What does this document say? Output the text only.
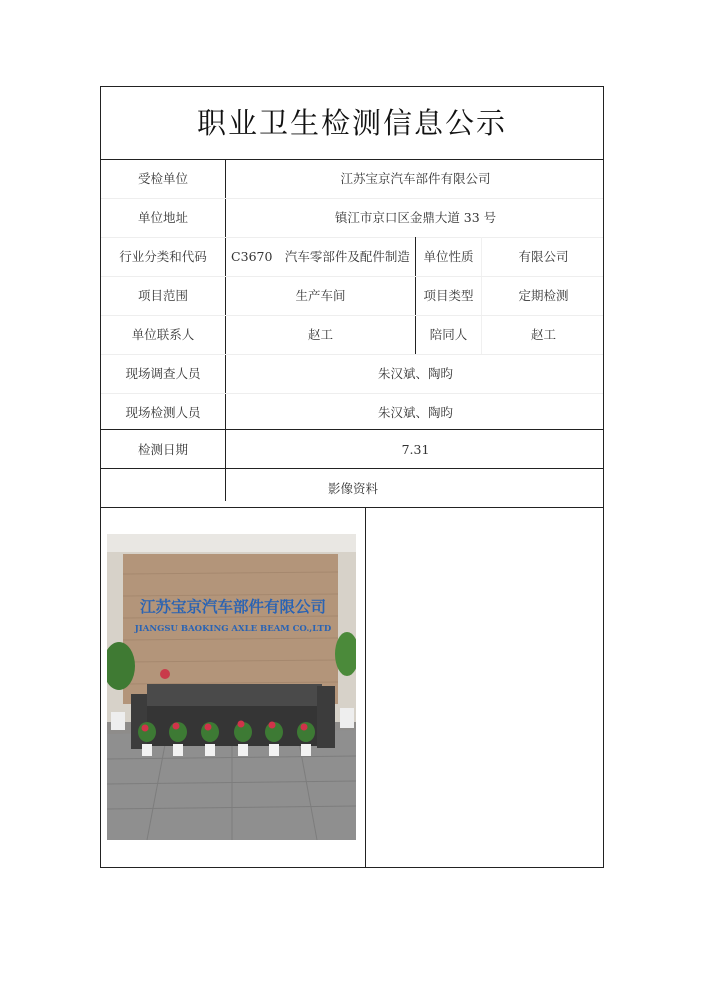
职业卫生检测信息公示
受检单位	江苏宝京汽车部件有限公司
单位地址	镇江市京口区金鼎大道 33 号
行业分类和代码	C3670　汽车零部件及配件制造	单位性质	有限公司
项目范围	生产车间	项目类型	定期检测
单位联系人	赵工	陪同人	赵工
现场调查人员	朱汉斌、陶昀
现场检测人员	朱汉斌、陶昀
检测日期	7.31
影像资料
江苏宝京汽车部件有限公司
JIANGSU BAOKING AXLE BEAM CO.,LTD
